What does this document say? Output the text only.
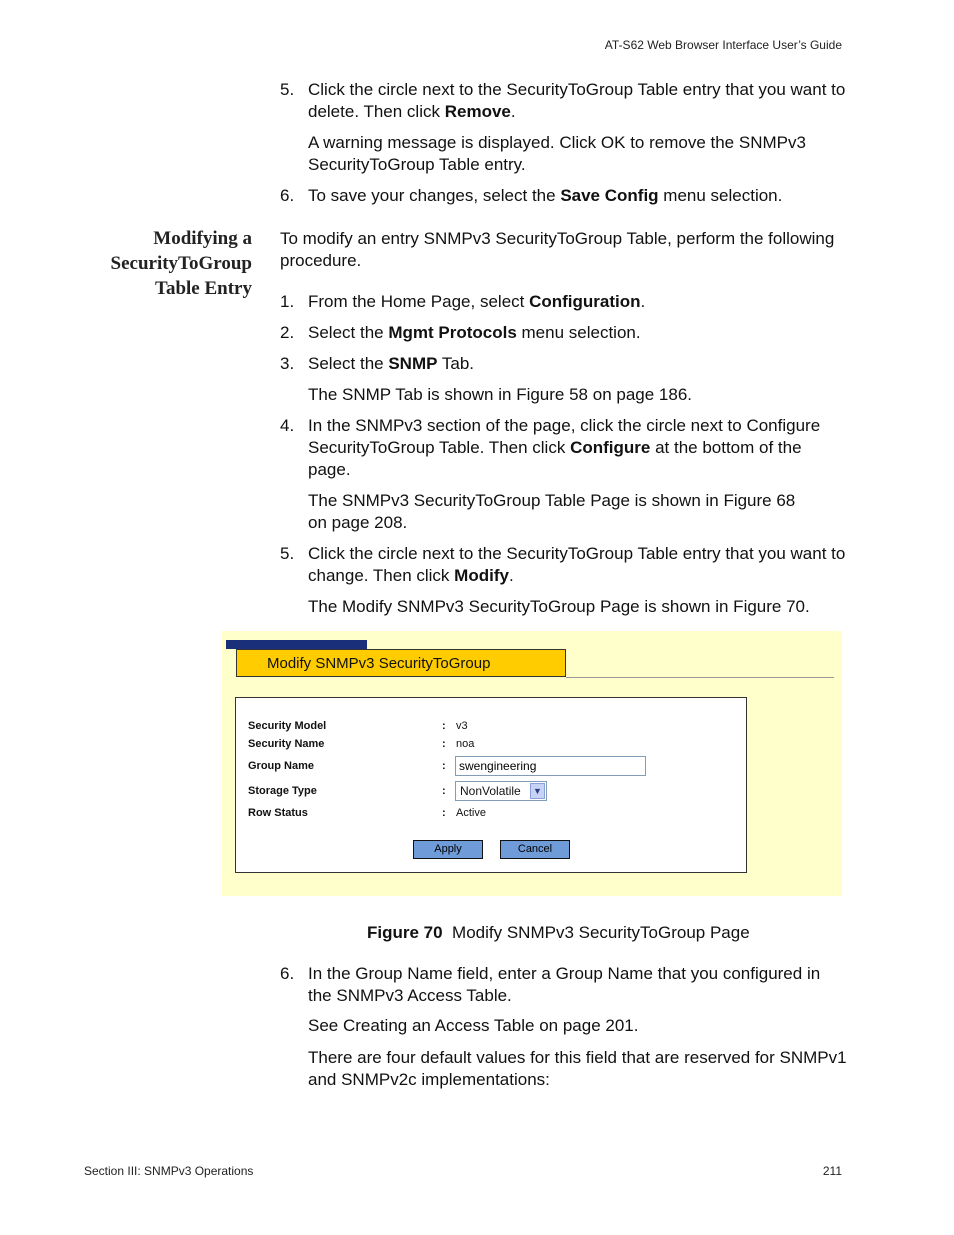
AT-S62 Web Browser Interface User’s Guide
5. Click the circle next to the SecurityToGroup Table entry that you want to delete. Then click Remove.
A warning message is displayed. Click OK to remove the SNMPv3 SecurityToGroup Table entry.
6. To save your changes, select the Save Config menu selection.
Modifying a
SecurityToGroup
Table Entry
To modify an entry SNMPv3 SecurityToGroup Table, perform the following procedure.
1. From the Home Page, select Configuration.
2. Select the Mgmt Protocols menu selection.
3. Select the SNMP Tab.
The SNMP Tab is shown in Figure 58 on page 186.
4. In the SNMPv3 section of the page, click the circle next to Configure SecurityToGroup Table. Then click Configure at the bottom of the page.
The SNMPv3 SecurityToGroup Table Page is shown in Figure 68 on page 208.
5. Click the circle next to the SecurityToGroup Table entry that you want to change. Then click Modify.
The Modify SNMPv3 SecurityToGroup Page is shown in Figure 70.
Modify SNMPv3 SecurityToGroup
Security Model	: v3
Security Name	: noa
Group Name	:
swengineering
Storage Type	: NonVolatile	▼
Row Status	: Active
Apply	Cancel
Figure 70 Modify SNMPv3 SecurityToGroup Page
6. In the Group Name field, enter a Group Name that you configured in the SNMPv3 Access Table.
See Creating an Access Table on page 201.
There are four default values for this field that are reserved for SNMPv1 and SNMPv2c implementations:
Section III: SNMPv3 Operations	211
